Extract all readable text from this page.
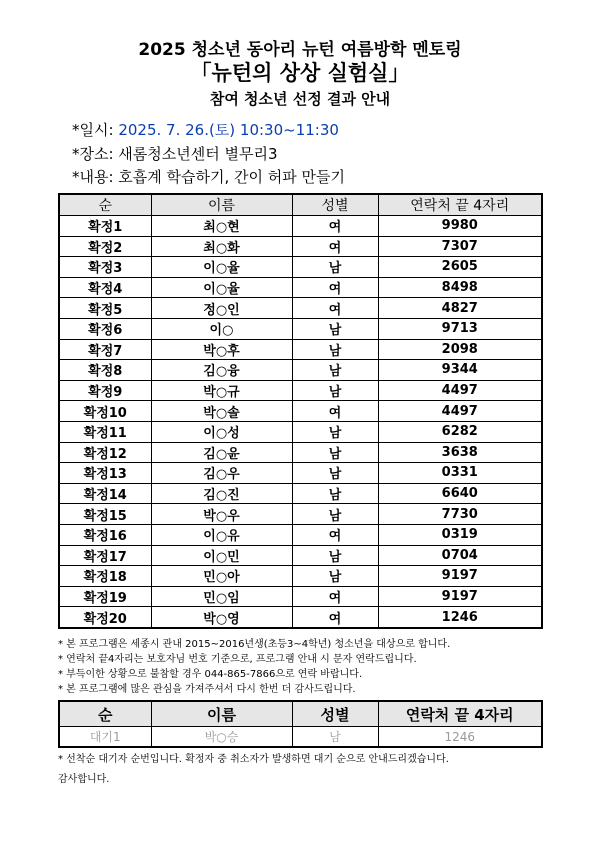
2025 청소년 동아리 뉴턴 여름방학 멘토링
「뉴턴의 상상 실험실」
참여 청소년 선정 결과 안내
*일시: 2025. 7. 26.(토) 10:30~11:30
*장소: 새롬청소년센터 별무리3
*내용: 호흡계 학습하기, 간이 허파 만들기
순	이름	성별	연락처 끝 4자리
확정1	최○현	여	9980
확정2	최○화	여	7307
확정3	이○율	남	2605
확정4	이○율	여	8498
확정5	정○인	여	4827
확정6	이○	남	9713
확정7	박○후	남	2098
확정8	김○융	남	9344
확정9	박○규	남	4497
확정10	박○솔	여	4497
확정11	이○성	남	6282
확정12	김○윤	남	3638
확정13	김○우	남	0331
확정14	김○진	남	6640
확정15	박○우	남	7730
확정16	이○유	여	0319
확정17	이○민	남	0704
확정18	민○아	남	9197
확정19	민○임	여	9197
확정20	박○영	여	1246
* 본 프로그램은 세종시 관내 2015~2016년생(초등3~4학년) 청소년을 대상으로 합니다.
* 연락처 끝4자리는 보호자님 번호 기준으로, 프로그램 안내 시 문자 연락드립니다.
* 부득이한 상황으로 불참할 경우 044-865-7866으로 연락 바랍니다.
* 본 프로그램에 많은 관심을 가져주셔서 다시 한번 더 감사드립니다.
순	이름	성별	연락처 끝 4자리
대기1	박○승	남	1246
* 선착순 대기자 순번입니다. 확정자 중 취소자가 발생하면 대기 순으로 안내드리겠습니다.
감사합니다.
